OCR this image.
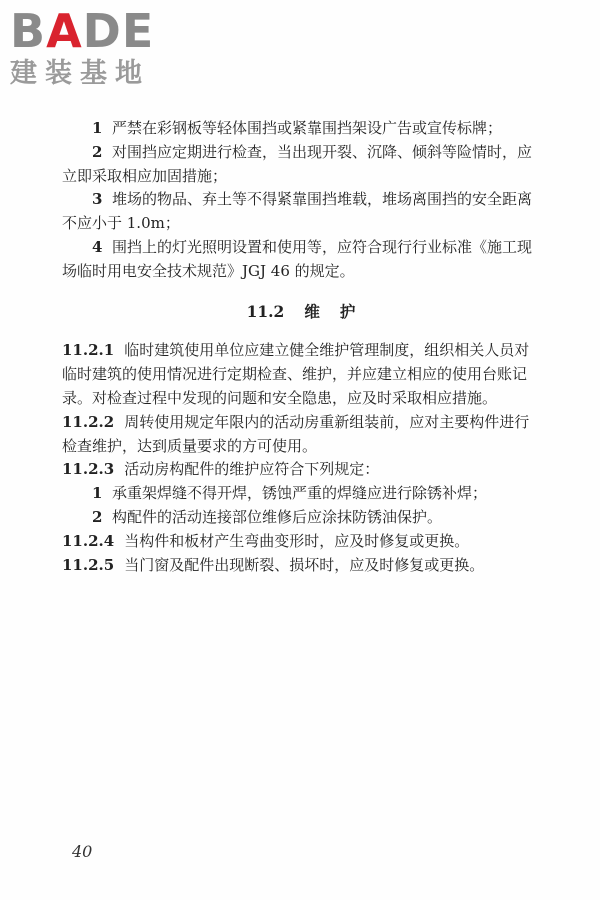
BADE
建装基地

1 严禁在彩钢板等轻体围挡或紧靠围挡架设广告或宣传标牌；

2 对围挡应定期进行检查，当出现开裂、沉降、倾斜等险情时，应立即采取相应加固措施；

3 堆场的物品、弃土等不得紧靠围挡堆载，堆场离围挡的安全距离不应小于 1.0m；

4 围挡上的灯光照明设置和使用等，应符合现行行业标准《施工现场临时用电安全技术规范》JGJ 46 的规定。

11.2 维 护

11.2.1 临时建筑使用单位应建立健全维护管理制度，组织相关人员对临时建筑的使用情况进行定期检查、维护，并应建立相应的使用台账记录。对检查过程中发现的问题和安全隐患，应及时采取相应措施。

11.2.2 周转使用规定年限内的活动房重新组装前，应对主要构件进行检查维护，达到质量要求的方可使用。

11.2.3 活动房构配件的维护应符合下列规定：

1 承重架焊缝不得开焊，锈蚀严重的焊缝应进行除锈补焊；

2 构配件的活动连接部位维修后应涂抹防锈油保护。

11.2.4 当构件和板材产生弯曲变形时，应及时修复或更换。

11.2.5 当门窗及配件出现断裂、损坏时，应及时修复或更换。

40
